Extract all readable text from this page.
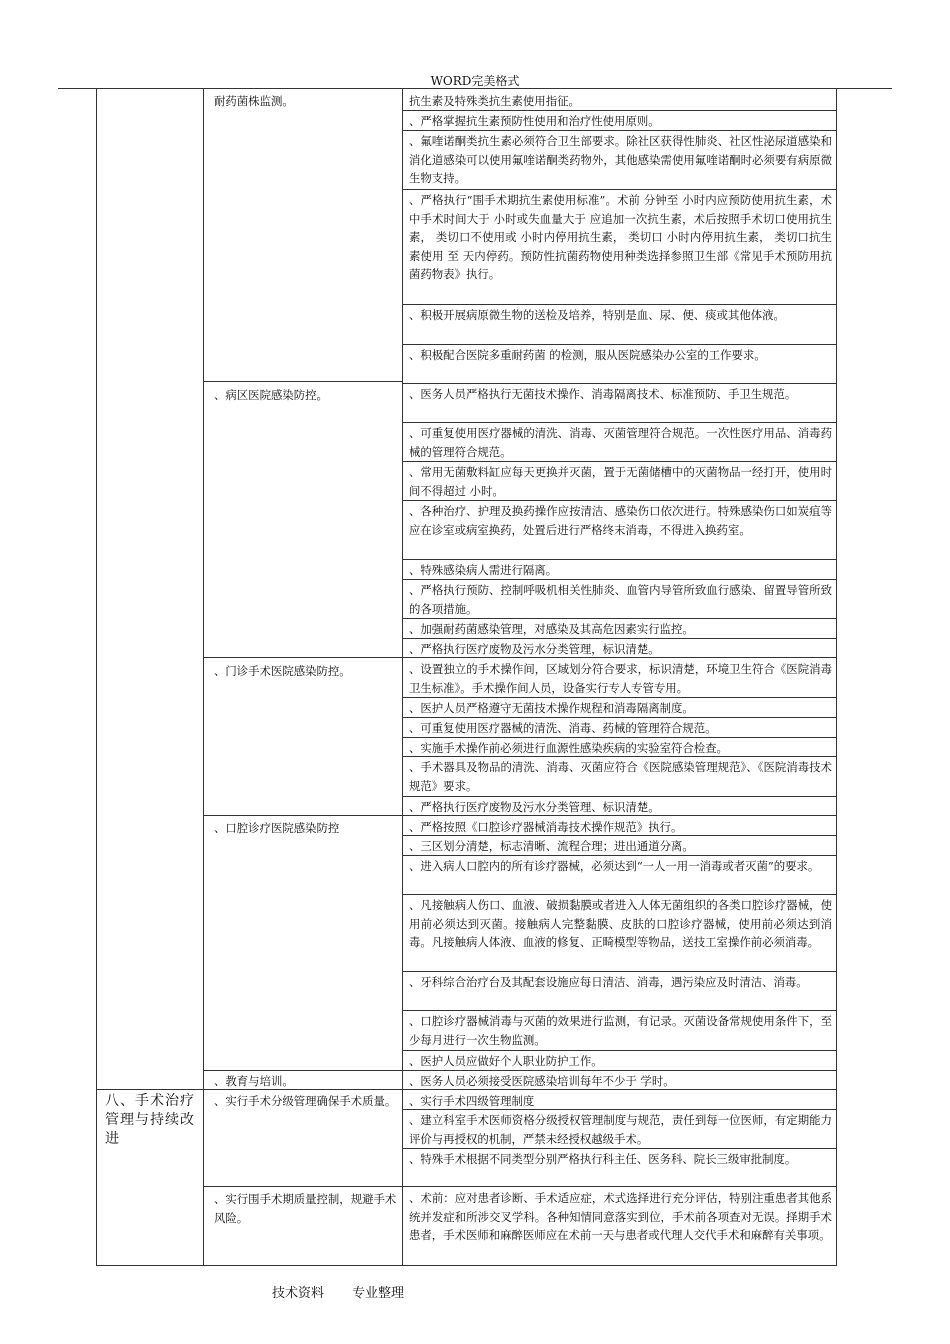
WORD完美格式
八、手术治疗管理与持续改进
耐药菌株监测。
、病区医院感染防控。
、门诊手术医院感染防控。
、口腔诊疗医院感染防控
、教育与培训。
、实行手术分级管理确保手术质量。
、实行围手术期质量控制，规避手术风险。
抗生素及特殊类抗生素使用指征。
、严格掌握抗生素预防性使用和治疗性使用原则。
、氟喹诺酮类抗生素必须符合卫生部要求。除社区获得性肺炎、社区性泌尿道感染和消化道感染可以使用氟喹诺酮类药物外，其他感染需使用氟喹诺酮时必须要有病原微生物支持。
、严格执行“围手术期抗生素使用标准”。术前 分钟至 小时内应预防使用抗生素，术中手术时间大于 小时或失血量大于 应追加一次抗生素，术后按照手术切口使用抗生素， 类切口不使用或 小时内停用抗生素， 类切口 小时内停用抗生素， 类切口抗生素使用 至 天内停药。预防性抗菌药物使用种类选择参照卫生部《常见手术预防用抗菌药物表》执行。
、积极开展病原微生物的送检及培养，特别是血、尿、便、痰或其他体液。
、积极配合医院多重耐药菌 的检测，服从医院感染办公室的工作要求。
、医务人员严格执行无菌技术操作、消毒隔离技术、标准预防、手卫生规范。
、可重复使用医疗器械的清洗、消毒、灭菌管理符合规范。一次性医疗用品、消毒药械的管理符合规范。
、常用无菌敷料缸应每天更换并灭菌，置于无菌储槽中的灭菌物品一经打开，使用时间不得超过 小时。
、各种治疗、护理及换药操作应按清洁、感染伤口依次进行。特殊感染伤口如炭疽等应在诊室或病室换药，处置后进行严格终末消毒，不得进入换药室。
、特殊感染病人需进行隔离。
、严格执行预防、控制呼吸机相关性肺炎、血管内导管所致血行感染、留置导管所致的各项措施。
、加强耐药菌感染管理，对感染及其高危因素实行监控。
、严格执行医疗废物及污水分类管理，标识清楚。
、设置独立的手术操作间，区域划分符合要求，标识清楚，环境卫生符合《医院消毒卫生标准》。手术操作间人员，设备实行专人专管专用。
、医护人员严格遵守无菌技术操作规程和消毒隔离制度。
、可重复使用医疗器械的清洗、消毒、药械的管理符合规范。
、实施手术操作前必须进行血源性感染疾病的实验室符合检查。
、手术器具及物品的清洗、消毒、灭菌应符合《医院感染管理规范》、《医院消毒技术规范》要求。
、严格执行医疗废物及污水分类管理、标识清楚。
、严格按照《口腔诊疗器械消毒技术操作规范》执行。
、三区划分清楚，标志清晰、流程合理；进出通道分离。
、进入病人口腔内的所有诊疗器械，必须达到“一人一用一消毒或者灭菌”的要求。
、凡接触病人伤口、血液、破损黏膜或者进入人体无菌组织的各类口腔诊疗器械，使用前必须达到灭菌。接触病人完整黏膜、皮肤的口腔诊疗器械，使用前必须达到消毒。凡接触病人体液、血液的修复、正畸模型等物品，送技工室操作前必须消毒。
、牙科综合治疗台及其配套设施应每日清洁、消毒，遇污染应及时清洁、消毒。
、口腔诊疗器械消毒与灭菌的效果进行监测，有记录。灭菌设备常规使用条件下，至少每月进行一次生物监测。
、医护人员应做好个人职业防护工作。
、医务人员必须接受医院感染培训每年不少于 学时。
、实行手术四级管理制度
、建立科室手术医师资格分级授权管理制度与规范，责任到每一位医师，有定期能力评价与再授权的机制，严禁未经授权越级手术。
、特殊手术根据不同类型分别严格执行科主任、医务科、院长三级审批制度。
、术前：应对患者诊断、手术适应症，术式选择进行充分评估，特别注重患者其他系统并发症和所涉交叉学科。各种知情同意落实到位，手术前各项查对无误。择期手术患者，手术医师和麻醉医师应在术前一天与患者或代理人交代手术和麻醉有关事项。
技术资料 专业整理
